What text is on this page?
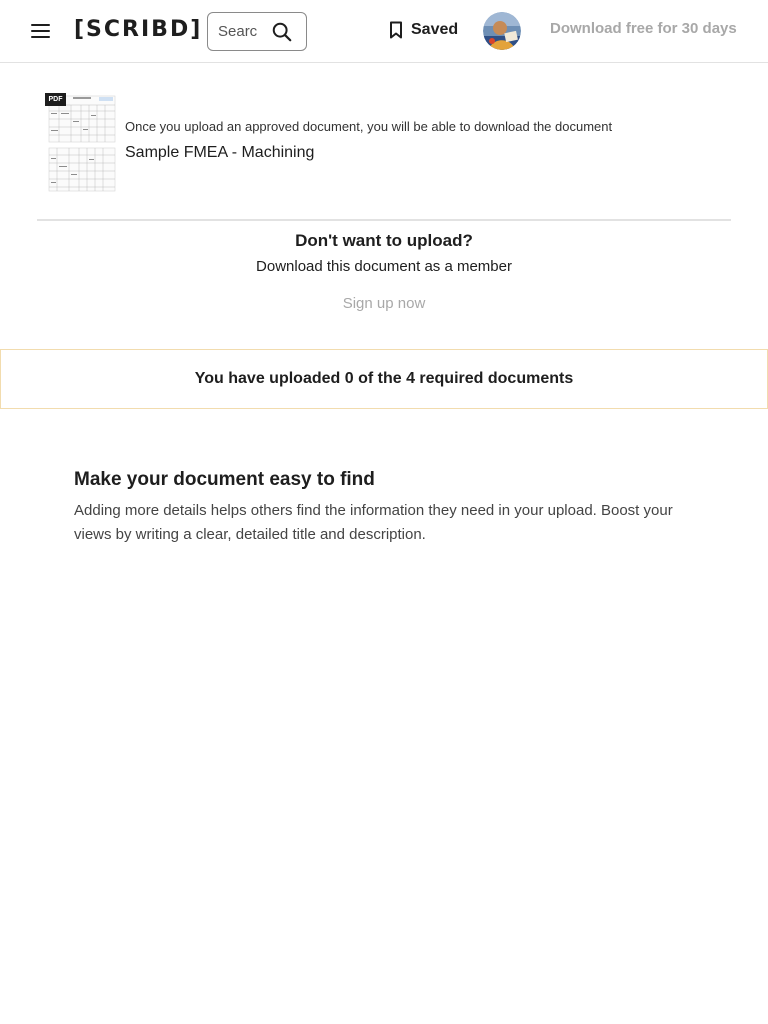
[SCRIBD]
Search	Saved	Download free for 30 days
PDF
Once you upload an approved document, you will be able to download the document
Sample FMEA - Machining
Don't want to upload?
Download this document as a member
Sign up now
You have uploaded 0 of the 4 required documents
Make your document easy to find
Adding more details helps others find the information they need in your upload. Boost your views by writing a clear, detailed title and description.
